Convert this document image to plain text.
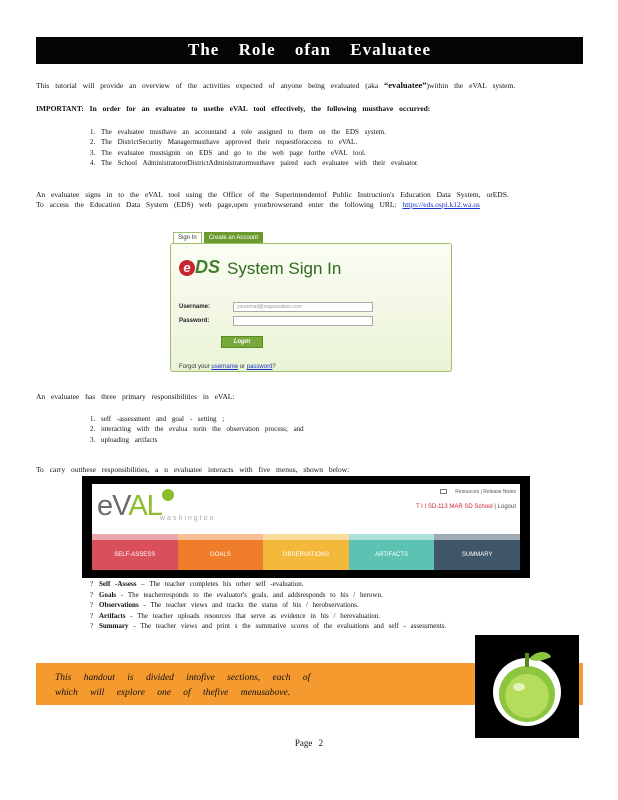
The Role ofan Evaluatee
This tutorial will provide an overview of the activities expected of anyone being evaluated (aka “evaluatee”)within the eVAL system.
IMPORTANT: In order for an evaluatee to usethe eVAL tool effectively, the following musthave occurred:
1. The evaluatee musthave an accountand a role assigned to them on the EDS system.
2. The DistrictSecurity Managermusthave approved their requestforaccess to eVAL.
3. The evaluatee mustsignin on EDS and go to the web page forthe eVAL tool.
4. The School AdministratororDistrictAdministratormusthave paired each evaluatee with their evaluator.
An evaluatee signs in to the eVAL tool using the Office of the Superintendentof Public Instruction's Education Data System, orEDS.
To access the Education Data System (EDS) web page,open yourbrowserand enter the following URL: https://eds.ospi.k12.wa.us
Sign In	Create an Account
e DS System Sign In
Username:	youremail@organization.com
Password:
Login
Forgot your username or password?
An evaluatee has three primary responsibilities in eVAL:
1. self -assessment and goal - setting ;
2. interacting with the evalua torin the observation process; and
3. uploading artifacts
To carry outthese responsibilities, a n evaluatee interacts with five menus, shown below:
eVAL
washington
Resources | Release Notes
T I I SD-113 MAR SD School | Logout
SELF-ASSESS	GOALS	OBSERVATIONS	ARTIFACTS	SUMMARY
? Self -Assess – The teacher completes his orher self -evaluation.
? Goals - The teacherresponds to the evaluator's goals, and addsresponds to his / herown.
? Observations - The teacher views and tracks the status of his / herobservations.
? Artifacts - The teacher uploads resources that serve as evidence in his / herevaluation.
? Summary - The teacher views and print s the summative scores of the evaluations and self - assessments.
This handout is divided intofive sections, each of
which will explore one of thefive menusabove.
Page 2
